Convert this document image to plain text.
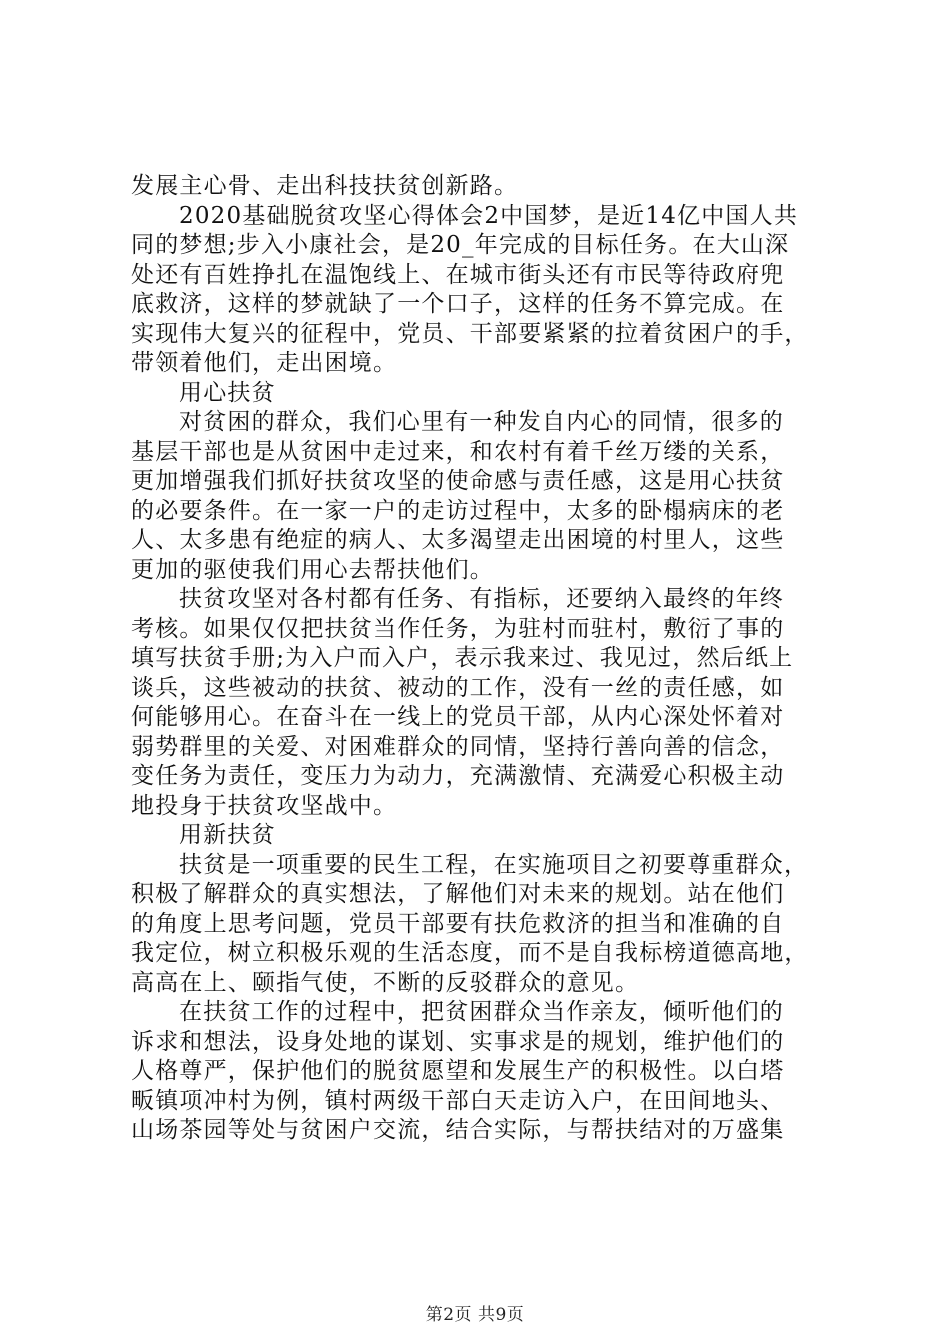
发展主心骨、走出科技扶贫创新路。
2020基础脱贫攻坚心得体会2中国梦，是近14亿中国人共
同的梦想;步入小康社会，是20_年完成的目标任务。在大山深
处还有百姓挣扎在温饱线上、在城市街头还有市民等待政府兜
底救济，这样的梦就缺了一个口子，这样的任务不算完成。在
实现伟大复兴的征程中，党员、干部要紧紧的拉着贫困户的手，
带领着他们，走出困境。
用心扶贫
对贫困的群众，我们心里有一种发自内心的同情，很多的
基层干部也是从贫困中走过来，和农村有着千丝万缕的关系，
更加增强我们抓好扶贫攻坚的使命感与责任感，这是用心扶贫
的必要条件。在一家一户的走访过程中，太多的卧榻病床的老
人、太多患有绝症的病人、太多渴望走出困境的村里人，这些
更加的驱使我们用心去帮扶他们。
扶贫攻坚对各村都有任务、有指标，还要纳入最终的年终
考核。如果仅仅把扶贫当作任务，为驻村而驻村，敷衍了事的
填写扶贫手册;为入户而入户，表示我来过、我见过，然后纸上
谈兵，这些被动的扶贫、被动的工作，没有一丝的责任感，如
何能够用心。在奋斗在一线上的党员干部，从内心深处怀着对
弱势群里的关爱、对困难群众的同情，坚持行善向善的信念，
变任务为责任，变压力为动力，充满激情、充满爱心积极主动
地投身于扶贫攻坚战中。
用新扶贫
扶贫是一项重要的民生工程，在实施项目之初要尊重群众，
积极了解群众的真实想法，了解他们对未来的规划。站在他们
的角度上思考问题，党员干部要有扶危救济的担当和准确的自
我定位，树立积极乐观的生活态度，而不是自我标榜道德高地，
高高在上、颐指气使，不断的反驳群众的意见。
在扶贫工作的过程中，把贫困群众当作亲友，倾听他们的
诉求和想法，设身处地的谋划、实事求是的规划，维护他们的
人格尊严，保护他们的脱贫愿望和发展生产的积极性。以白塔
畈镇项冲村为例，镇村两级干部白天走访入户，在田间地头、
山场茶园等处与贫困户交流，结合实际，与帮扶结对的万盛集
第2页 共9页
